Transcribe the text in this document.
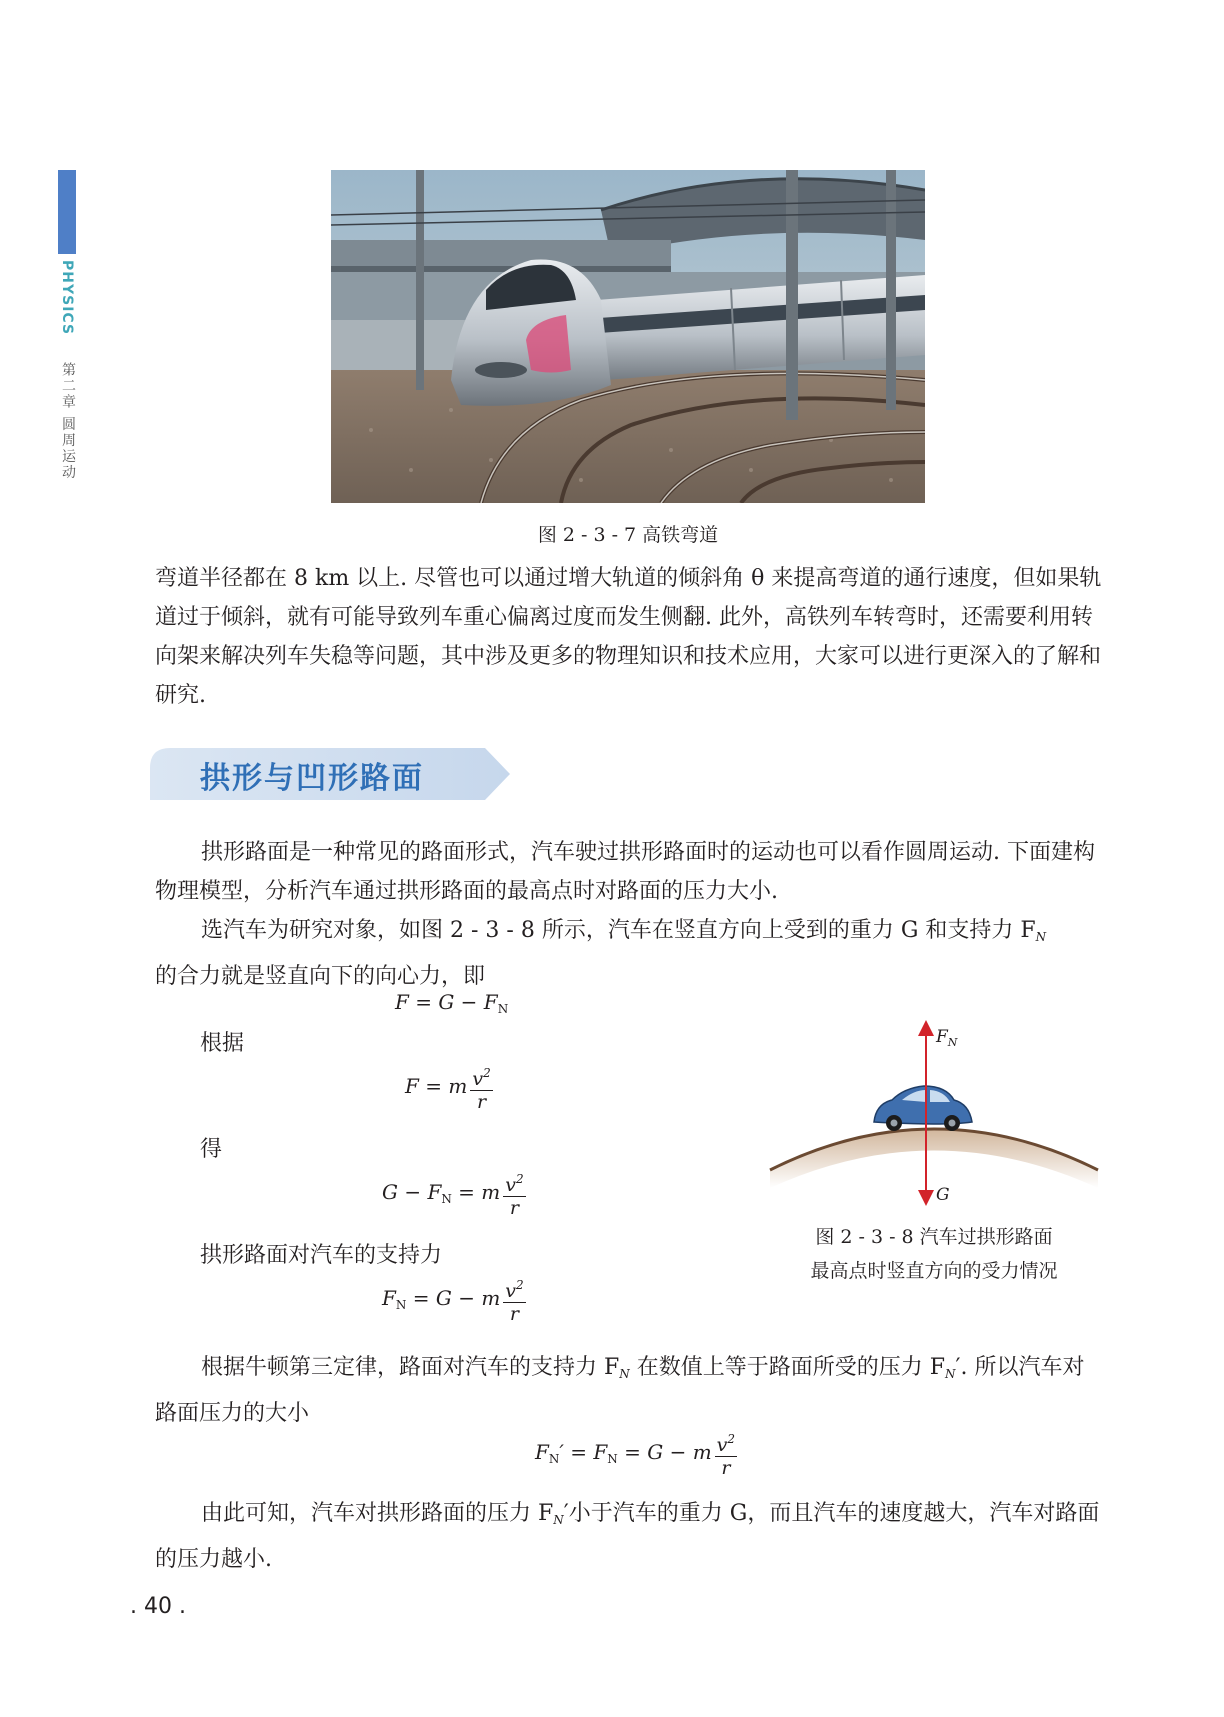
PHYSICS
第二章 圆周运动
图 2 - 3 - 7 高铁弯道

弯道半径都在 8 km 以上. 尽管也可以通过增大轨道的倾斜角 θ 来提高弯道的通行速度，但如果轨道过于倾斜，就有可能导致列车重心偏离过度而发生侧翻. 此外，高铁列车转弯时，还需要利用转向架来解决列车失稳等问题，其中涉及更多的物理知识和技术应用，大家可以进行更深入的了解和研究.

拱形与凹形路面

拱形路面是一种常见的路面形式，汽车驶过拱形路面时的运动也可以看作圆周运动. 下面建构物理模型，分析汽车通过拱形路面的最高点时对路面的压力大小.

选汽车为研究对象，如图 2 - 3 - 8 所示，汽车在竖直方向上受到的重力 G 和支持力 $F_N$
的合力就是竖直向下的向心力，即

$F = G - F_N$
根据
F = m $\frac{v^2}{r}$
得
$G - F_N = m \frac{v^2}{r}$
拱形路面对汽车的支持力
$F_N = G - m \frac{v^2}{r}$

根据牛顿第三定律，路面对汽车的支持力 $F_N$ 在数值上等于路面所受的压力 $F_N'$. 所以汽车对路面压力的大小

$F_N' = F_N = G - m \frac{v^2}{r}$

由此可知，汽车对拱形路面的压力 $F_N'$小于汽车的重力 G，而且汽车的速度越大，汽车对路面的压力越小.

$F_N$
G
图 2 - 3 - 8 汽车过拱形路面
最高点时竖直方向的受力情况
. 40 .
